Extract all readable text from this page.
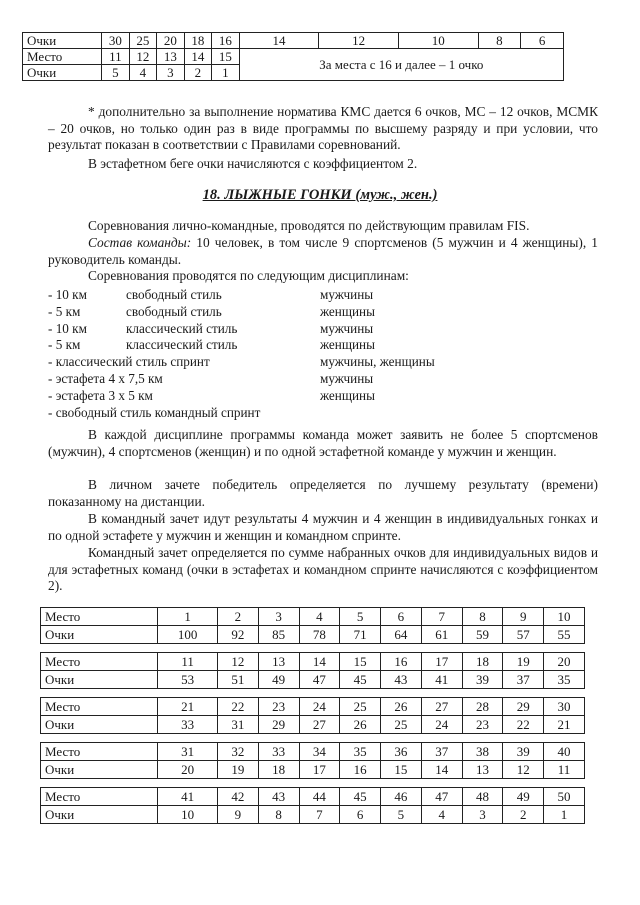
Очки	30	25	20	18	16	14	12	10	8	6
Место	11	12	13	14	15	За места с 16 и далее – 1 очко				
Очки	5	4	3	2	1					
* дополнительно за выполнение норматива КМС дается 6 очков, МС – 12 очков, МСМК – 20 очков, но только один раз в виде программы по высшему разряду и при условии, что результат показан в соответствии с Правилами соревнований.
В эстафетном беге очки начисляются с коэффициентом 2.
18. ЛЫЖНЫЕ ГОНКИ (муж., жен.)
Соревнования лично-командные, проводятся по действующим правилам FIS.
Состав команды: 10 человек, в том числе 9 спортсменов (5 мужчин и 4 женщины), 1 руководитель команды.
Соревнования проводятся по следующим дисциплинам:
- 10 км	свободный стиль	мужчины
- 5 км	свободный стиль	женщины
- 10 км	классический стиль	мужчины
- 5 км	классический стиль	женщины
- классический стиль спринт	мужчины, женщины
- эстафета 4 х 7,5 км	мужчины
- эстафета 3 х 5 км	женщины
- свободный стиль командный спринт
В каждой дисциплине программы команда может заявить не более 5 спортсменов (мужчин), 4 спортсменов (женщин) и по одной эстафетной команде у мужчин и женщин.
В личном зачете победитель определяется по лучшему результату (времени) показанному на дистанции.
В командный зачет идут результаты 4 мужчин и 4 женщин в индивидуальных гонках и по одной эстафете у мужчин и женщин и командном спринте.
Командный зачет определяется по сумме набранных очков для индивидуальных видов и для эстафетных команд (очки в эстафетах и командном спринте начисляются с коэффициентом 2).
Место	1	2	3	4	5	6	7	8	9	10
Очки	100	92	85	78	71	64	61	59	57	55

Место	11	12	13	14	15	16	17	18	19	20
Очки	53	51	49	47	45	43	41	39	37	35

Место	21	22	23	24	25	26	27	28	29	30
Очки	33	31	29	27	26	25	24	23	22	21

Место	31	32	33	34	35	36	37	38	39	40
Очки	20	19	18	17	16	15	14	13	12	11

Место	41	42	43	44	45	46	47	48	49	50
Очки	10	9	8	7	6	5	4	3	2	1
